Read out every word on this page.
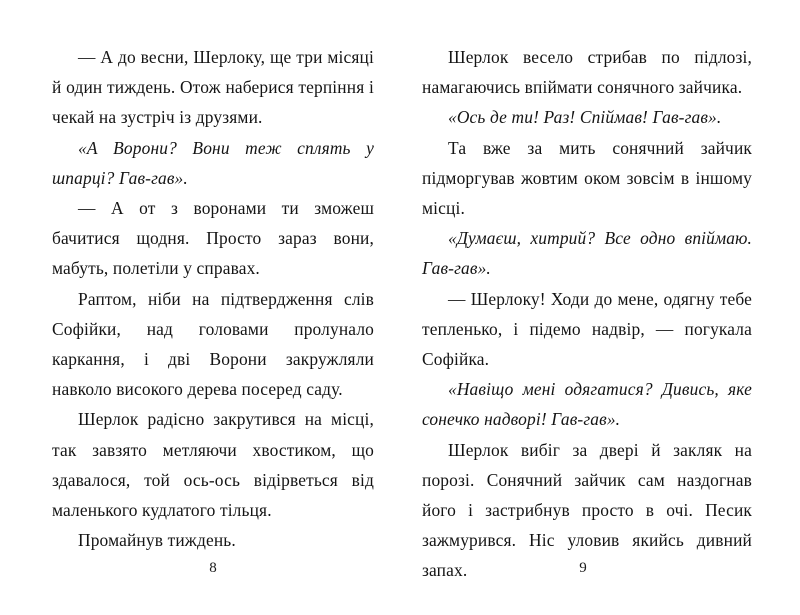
— А до весни, Шерлоку, ще три місяці й один тиждень. Отож наберися терпіння і чекай на зустріч із друзями.

«А Ворони? Вони теж сплять у шпарці? Гав-гав».

— А от з воронами ти зможеш бачитися щодня. Просто зараз вони, мабуть, полетіли у справах.

Раптом, ніби на підтвердження слів Софійки, над головами пролунало каркання, і дві Ворони закружляли навколо високого дерева посеред саду.

Шерлок радісно закрутився на місці, так завзято метляючи хвостиком, що здавалося, той ось-ось відірветься від маленького кудлатого тільця.

Промайнув тиждень.

Шерлок весело стрибав по підлозі, намагаючись впіймати сонячного зайчика.

«Ось де ти! Раз! Спіймав! Гав-гав».

Та вже за мить сонячний зайчик підморгував жовтим оком зовсім в іншому місці.

«Думаєш, хитрий? Все одно впіймаю. Гав-гав».

— Шерлоку! Ходи до мене, одягну тебе тепленько, і підемо надвір, — погукала Софійка.

«Навіщо мені одягатися? Дивись, яке сонечко надворі! Гав-гав».

Шерлок вибіг за двері й закляк на порозі. Сонячний зайчик сам наздогнав його і застрибнув просто в очі. Песик зажмурився. Ніс уловив якийсь дивний запах.

8	9
